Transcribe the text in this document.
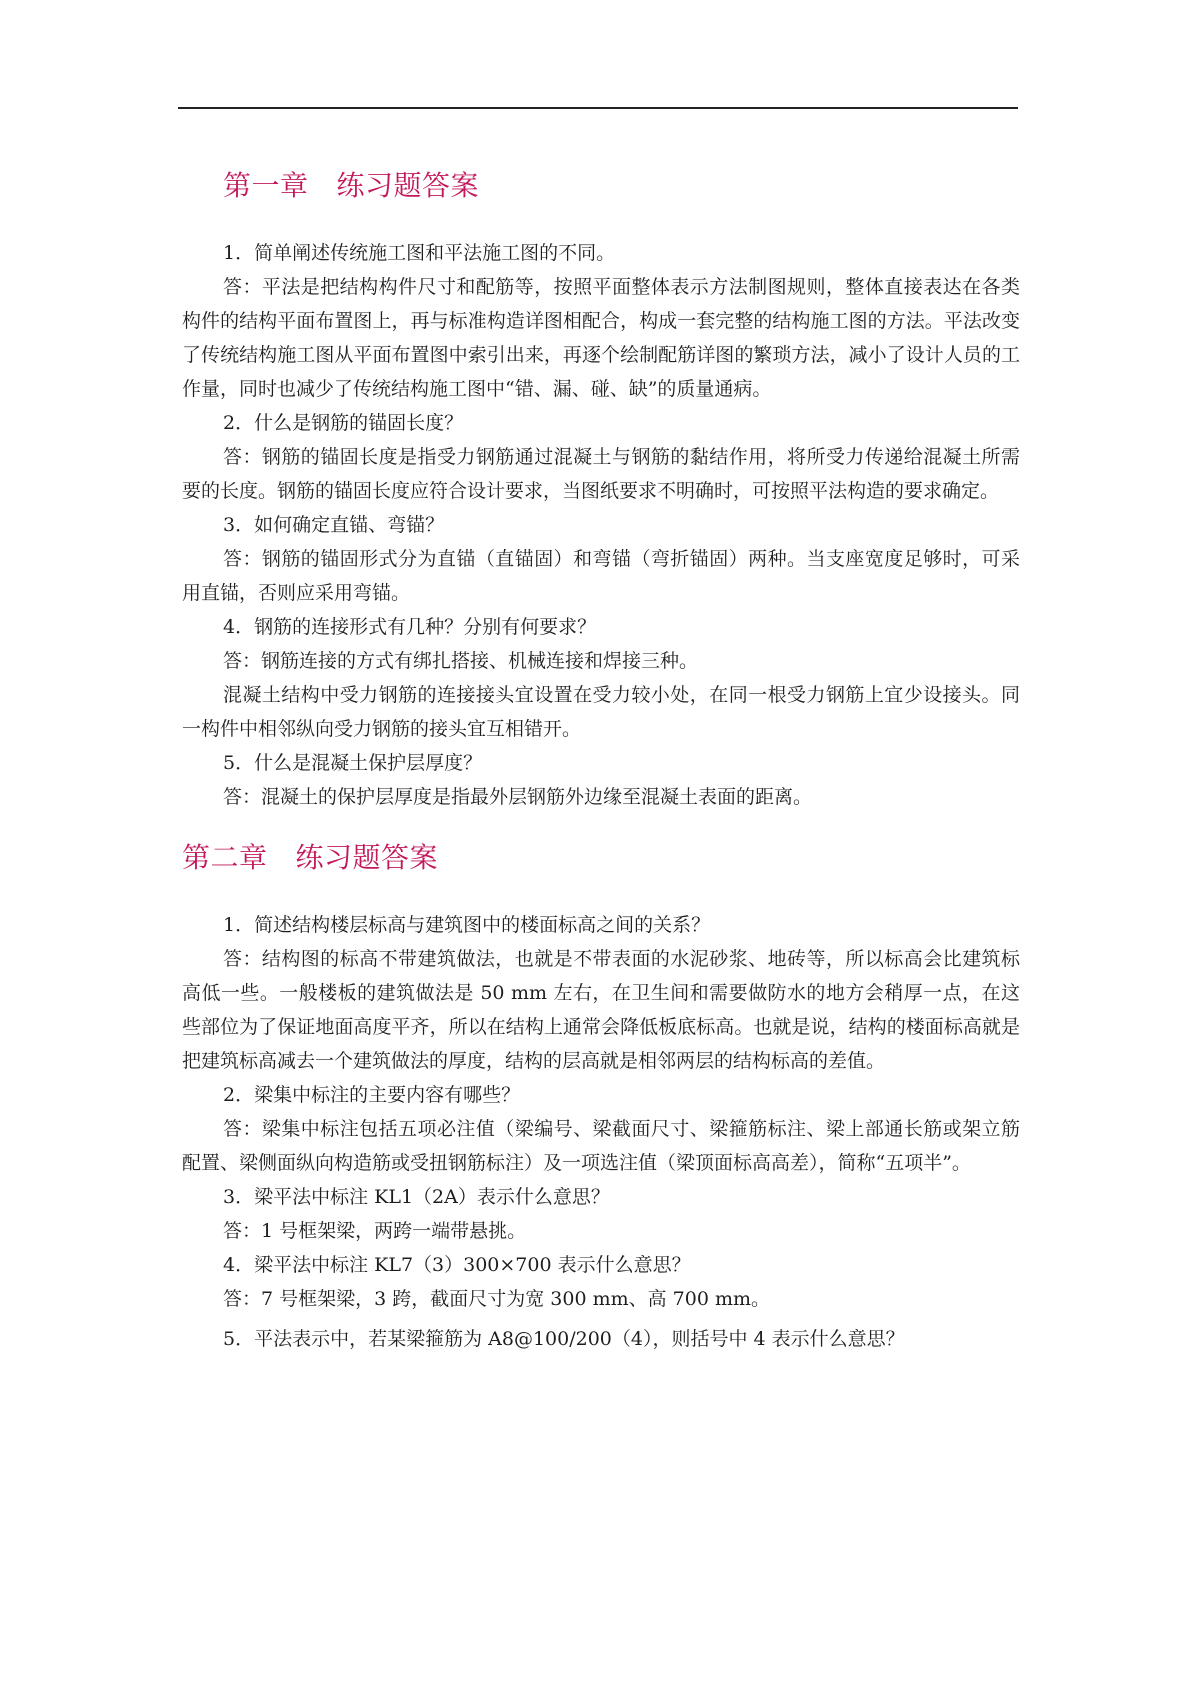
第一章 练习题答案

1．简单阐述传统施工图和平法施工图的不同。

答：平法是把结构构件尺寸和配筋等，按照平面整体表示方法制图规则，整体直接表达在各类构件的结构平面布置图上，再与标准构造详图相配合，构成一套完整的结构施工图的方法。平法改变了传统结构施工图从平面布置图中索引出来，再逐个绘制配筋详图的繁琐方法，减小了设计人员的工作量，同时也减少了传统结构施工图中“错、漏、碰、缺”的质量通病。

2．什么是钢筋的锚固长度？

答：钢筋的锚固长度是指受力钢筋通过混凝土与钢筋的黏结作用，将所受力传递给混凝土所需要的长度。钢筋的锚固长度应符合设计要求，当图纸要求不明确时，可按照平法构造的要求确定。

3．如何确定直锚、弯锚？

答：钢筋的锚固形式分为直锚（直锚固）和弯锚（弯折锚固）两种。当支座宽度足够时，可采用直锚，否则应采用弯锚。

4．钢筋的连接形式有几种？分别有何要求？

答：钢筋连接的方式有绑扎搭接、机械连接和焊接三种。

混凝土结构中受力钢筋的连接接头宜设置在受力较小处，在同一根受力钢筋上宜少设接头。同一构件中相邻纵向受力钢筋的接头宜互相错开。

5．什么是混凝土保护层厚度？

答：混凝土的保护层厚度是指最外层钢筋外边缘至混凝土表面的距离。

第二章 练习题答案

1．简述结构楼层标高与建筑图中的楼面标高之间的关系？

答：结构图的标高不带建筑做法，也就是不带表面的水泥砂浆、地砖等，所以标高会比建筑标高低一些。一般楼板的建筑做法是 50 mm 左右，在卫生间和需要做防水的地方会稍厚一点，在这些部位为了保证地面高度平齐，所以在结构上通常会降低板底标高。也就是说，结构的楼面标高就是把建筑标高减去一个建筑做法的厚度，结构的层高就是相邻两层的结构标高的差值。

2．梁集中标注的主要内容有哪些？

答：梁集中标注包括五项必注值（梁编号、梁截面尺寸、梁箍筋标注、梁上部通长筋或架立筋配置、梁侧面纵向构造筋或受扭钢筋标注）及一项选注值（梁顶面标高高差），简称“五项半”。

3．梁平法中标注 KL1（2A）表示什么意思？

答：1 号框架梁，两跨一端带悬挑。

4．梁平法中标注 KL7（3）300×700 表示什么意思？

答：7 号框架梁，3 跨，截面尺寸为宽 300 mm、高 700 mm。

5．平法表示中，若某梁箍筋为 A8@100/200（4），则括号中 4 表示什么意思？
